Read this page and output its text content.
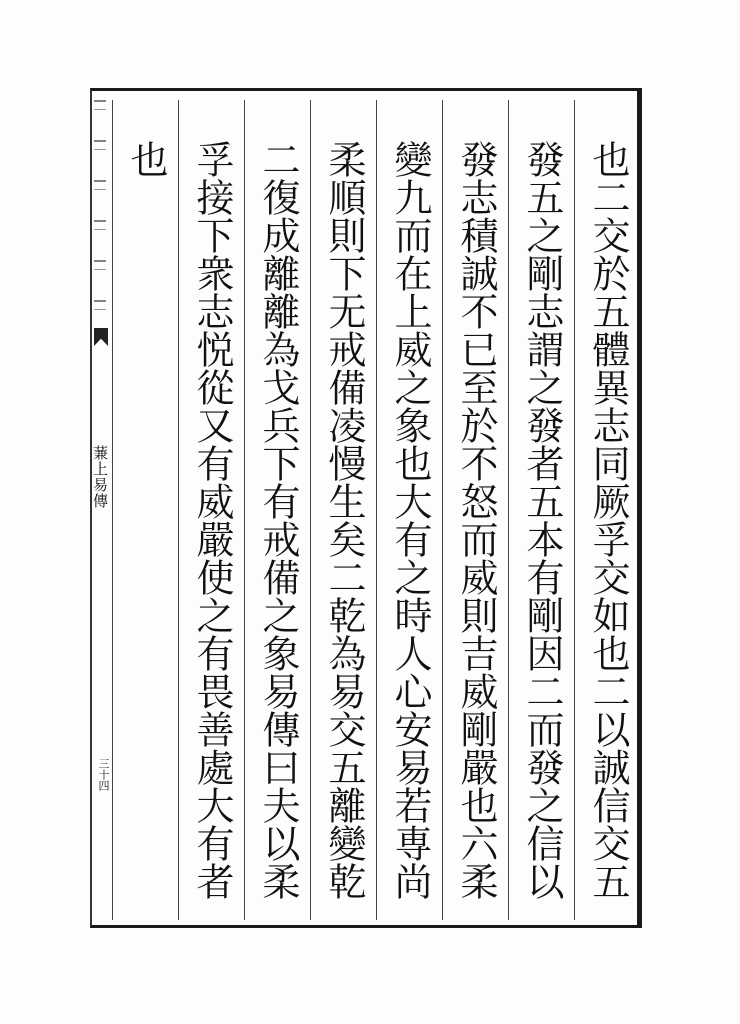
蒹上易傳
三十四	也二交於五體異志同厥孚交如也二以誠信交五
發五之剛志謂之發者五本有剛因二而發之信以
發志積誠不已至於不怒而威則吉威剛嚴也六柔
變九而在上威之象也大有之時人心安易若専尚
柔順則下无戒備凌慢生矣二乾為易交五離變乾
二復成離離為戈兵下有戒備之象易傳曰夫以柔
孚接下衆志悦從又有威嚴使之有畏善處大有者
也
